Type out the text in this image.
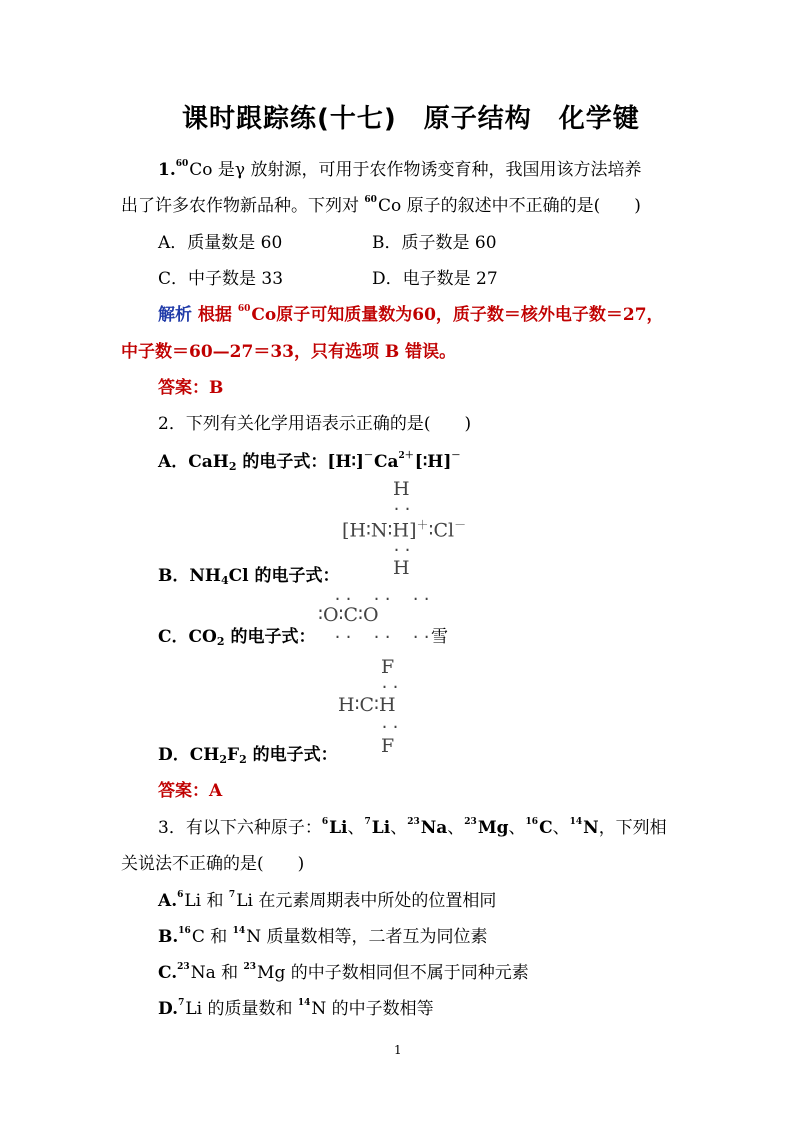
课时跟踪练(十七)　原子结构　化学键
1.60Co 是γ 放射源，可用于农作物诱变育种，我国用该方法培养
出了许多农作物新品种。下列对 $^{60}$Co 原子的叙述中不正确的是(　　)
A．质量数是 60	B．质子数是 60
C．中子数是 33	D．电子数是 27
解析 根据 $^{60}$Co原子可知质量数为60，质子数＝核外电子数＝27，
中子数＝60—27＝33，只有选项 B 错误。
答案：B
2．下列有关化学用语表示正确的是(　　)
A．CaH$_2$ 的电子式：$[H∶]^-Ca^{2+}[∶H]^-$
H
··
[H∶N∶H]＋∶Cl－
··
H
B．$NH_4Cl$ 的电子式：
··　··　··
∶O∶C∶O
··　··　··
雪
C．$CO_2$ 的电子式：
F
··
H∶C∶H
··
F
D．$CH_2F_2$ 的电子式：
答案：A
3．有以下六种原子：$^6$Li、$^7$Li、$^{23}$Na、$^{23}$Mg、$^{16}$C、$^{14}$N，下列相
关说法不正确的是(　　)
A.$^6$Li 和 $^7$Li 在元素周期表中所处的位置相同
B.$^{16}$C 和 $^{14}$N 质量数相等，二者互为同位素
C.$^{23}$Na 和 $^{23}$Mg 的中子数相同但不属于同种元素
D.$^7$Li 的质量数和 $^{14}$N 的中子数相等
1
